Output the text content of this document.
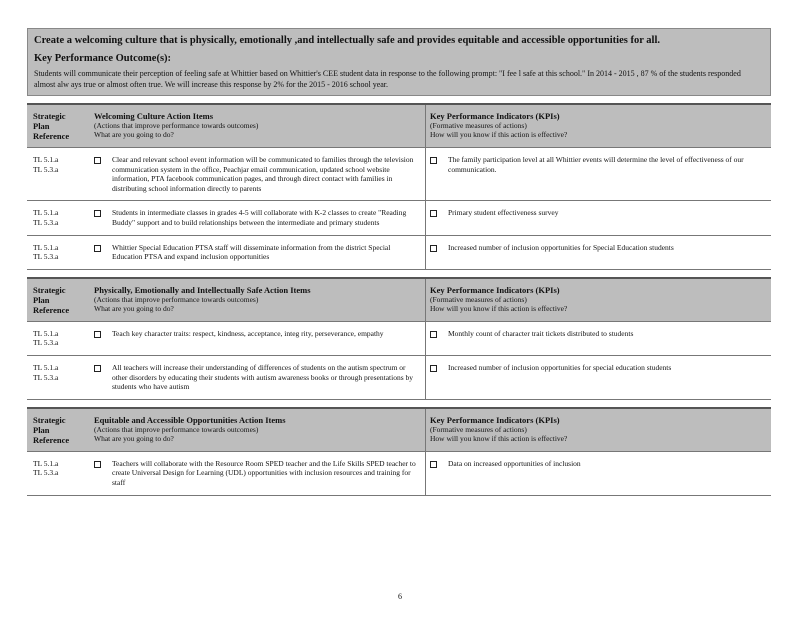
Create a welcoming culture that is physically, emotionally ,and intellectually safe and provides equitable and accessible opportunities for all.
Key Performance Outcome(s):
Students will communicate their perception of feeling safe at Whittier based on Whittier's CEE student data in response to the following prompt: "I fee l safe at this school." In 2014 - 2015 , 87 % of the students responded almost alw ays true or almost often true. We will increase this response by 2% for the 2015 - 2016 school year.
Strategic
Plan
Reference
Welcoming Culture Action Items
(Actions that improve performance towards outcomes)
What are you going to do?
Key Performance Indicators (KPIs)
(Formative measures of actions)
How will you know if this action is effective?
TL 5.1.a
TL 5.3.a
Clear and relevant school event information will be communicated to families through the television communication system in the office, Peachjar email communication, updated school website information, PTA facebook communication pages, and through direct contact with families in distributing school information directly to parents
The family participation level at all Whittier events will determine the level of effectiveness of our communication.
TL 5.1.a
TL 5.3.a
Students in intermediate classes in grades 4-5 will collaborate with K-2 classes to create "Reading Buddy" support and to build relationships between the intermediate and primary students
Primary student effectiveness survey
TL 5.1.a
TL 5.3.a
Whittier Special Education PTSA staff will disseminate information from the district Special Education PTSA and expand inclusion opportunities
Increased number of inclusion opportunities for Special Education students
Strategic
Plan
Reference
Physically, Emotionally and Intellectually Safe Action Items
(Actions that improve performance towards outcomes)
What are you going to do?
Key Performance Indicators (KPIs)
(Formative measures of actions)
How will you know if this action is effective?
TL 5.1.a
TL 5.3.a
Teach key character traits: respect, kindness, acceptance, integ rity, perseverance, empathy	Monthly count of character trait tickets distributed to students
TL 5.1.a
TL 5.3.a
All teachers will increase their understanding of differences of students on the autism spectrum or other disorders by educating their students with autism awareness books or through presentations by students who have autism
Increased number of inclusion opportunities for special education students
Strategic
Plan
Reference
Equitable and Accessible Opportunities Action Items
(Actions that improve performance towards outcomes)
What are you going to do?
Key Performance Indicators (KPIs)
(Formative measures of actions)
How will you know if this action is effective?
TL 5.1.a
TL 5.3.a
Teachers will collaborate with the Resource Room SPED teacher and the Life Skills SPED teacher to create Universal Design for Learning (UDL) opportunities with inclusion resources and training for staff
Data on increased opportunities of inclusion
6
